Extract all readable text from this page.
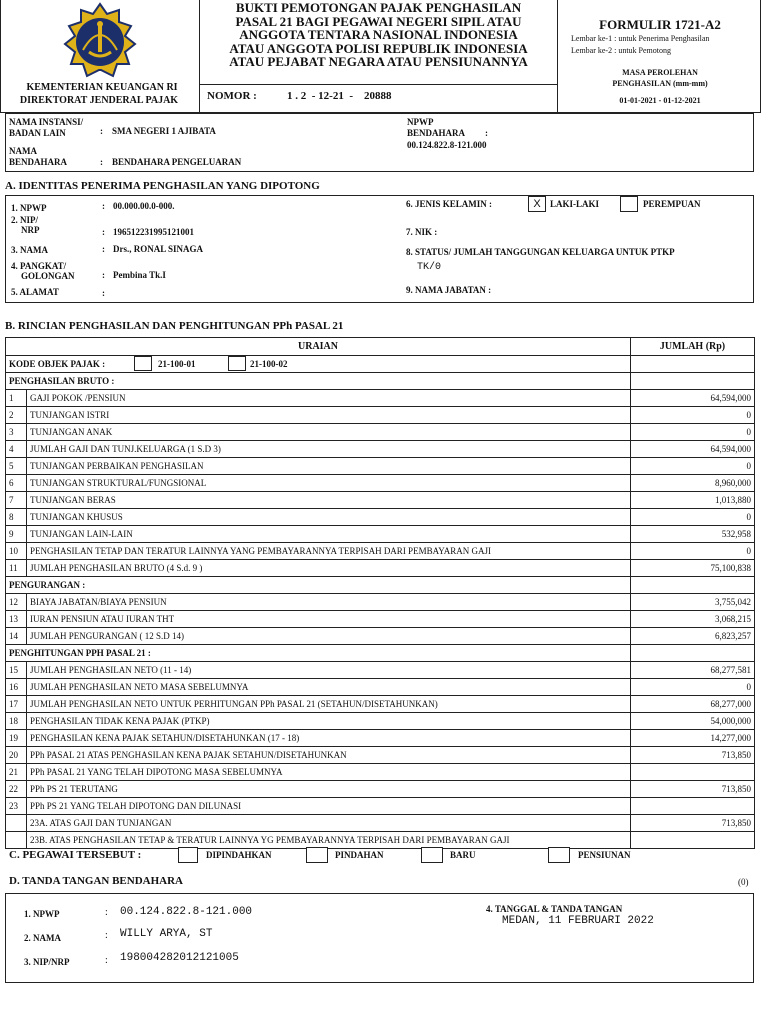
KEMENTERIAN KEUANGAN RI
DIREKTORAT JENDERAL PAJAK
BUKTI PEMOTONGAN PAJAK PENGHASILAN
PASAL 21 BAGI PEGAWAI NEGERI SIPIL ATAU
ANGGOTA TENTARA NASIONAL INDONESIA
ATAU ANGGOTA POLISI REPUBLIK INDONESIA
ATAU PEJABAT NEGARA ATAU PENSIUNANNYA
NOMOR :	1 . 2  - 12-21  -    20888
FORMULIR 1721-A2
Lembar ke-1 : untuk Penerima Penghasilan
Lembar ke-2 : untuk Pemotong
MASA PEROLEHAN
PENGHASILAN (mm-mm)
01-01-2021 - 01-12-2021
NAMA INSTANSI/
BADAN LAIN	: SMA NEGERI 1 AJIBATA
NAMA
BENDAHARA	: BENDAHARA PENGELUARAN
NPWP
BENDAHARA :
00.124.822.8-121.000
A. IDENTITAS PENERIMA PENGHASILAN YANG DIPOTONG
1. NPWP	: 00.000.00.0-000.
2. NIP/
NRP	: 196512231995121001
3. NAMA	: Drs., RONAL SINAGA
4. PANGKAT/
GOLONGAN	: Pembina Tk.I
5. ALAMAT	:
6. JENIS KELAMIN :	X	LAKI-LAKI	PEREMPUAN
7. NIK :
8. STATUS/ JUMLAH TANGGUNGAN KELUARGA UNTUK PTKP
TK/0
9. NAMA JABATAN :
B. RINCIAN PENGHASILAN DAN PENGHITUNGAN PPh PASAL 21
URAIAN		JUMLAH (Rp)
KODE OBJEK PAJAK : 21-100-01 21-100-02		

PENGHASILAN BRUTO :		
1	GAJI POKOK /PENSIUN	64,594,000
2	TUNJANGAN ISTRI	0
3	TUNJANGAN ANAK	0
4	JUMLAH GAJI DAN TUNJ.KELUARGA (1 S.D 3)	64,594,000
5	TUNJANGAN PERBAIKAN PENGHASILAN	0
6	TUNJANGAN STRUKTURAL/FUNGSIONAL	8,960,000
7	TUNJANGAN BERAS	1,013,880
8	TUNJANGAN KHUSUS	0
9	TUNJANGAN LAIN-LAIN	532,958
10	PENGHASILAN TETAP DAN TERATUR LAINNYA YANG PEMBAYARANNYA TERPISAH DARI PEMBAYARAN GAJI	0
11	JUMLAH PENGHASILAN BRUTO (4 S.d. 9 )	75,100,838
PENGURANGAN :		
12	BIAYA JABATAN/BIAYA PENSIUN	3,755,042
13	IURAN PENSIUN ATAU IURAN THT	3,068,215
14	JUMLAH PENGURANGAN ( 12 S.D 14)	6,823,257
PENGHITUNGAN PPH PASAL 21 :		
15	JUMLAH PENGHASILAN NETO (11 - 14)	68,277,581
16	JUMLAH PENGHASILAN NETO MASA SEBELUMNYA	0
17	JUMLAH PENGHASILAN NETO UNTUK PERHITUNGAN PPh PASAL 21 (SETAHUN/DISETAHUNKAN)	68,277,000
18	PENGHASILAN TIDAK KENA PAJAK (PTKP)	54,000,000
19	PENGHASILAN KENA PAJAK SETAHUN/DISETAHUNKAN (17 - 18)	14,277,000
20	PPh PASAL 21 ATAS PENGHASILAN KENA PAJAK SETAHUN/DISETAHUNKAN	713,850
21	PPh PASAL 21 YANG TELAH DIPOTONG MASA SEBELUMNYA	
22	PPh PS 21 TERUTANG	713,850
23	PPh PS 21 YANG TELAH DIPOTONG DAN DILUNASI	
	23A. ATAS GAJI DAN TUNJANGAN	713,850
	23B. ATAS PENGHASILAN TETAP & TERATUR LAINNYA YG PEMBAYARANNYA TERPISAH DARI PEMBAYARAN GAJI	
C. PEGAWAI TERSEBUT :	DIPINDAHKAN	PINDAHAN	BARU	PENSIUNAN
D. TANDA TANGAN BENDAHARA	(0)
1. NPWP	: 00.124.822.8-121.000
2. NAMA	: WILLY ARYA, ST
3. NIP/NRP	: 198004282012121005
4. TANGGAL & TANDA TANGAN
MEDAN, 11 FEBRUARI 2022
